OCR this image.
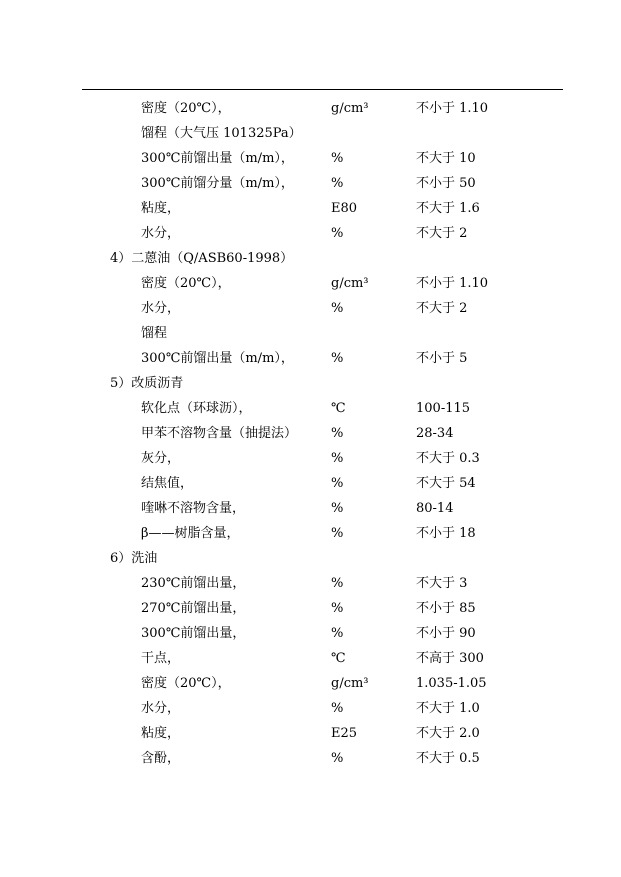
密度（20℃），	g/cm³	不小于 1.10
馏程（大气压 101325Pa）
300℃前馏出量（m/m），	%	不大于 10
300℃前馏分量（m/m），	%	不小于 50
粘度，	E80	不大于 1.6
水分，	%	不大于 2
4）二蒽油（Q/ASB60-1998）
密度（20℃），	g/cm³	不小于 1.10
水分，	%	不大于 2
馏程
300℃前馏出量（m/m），	%	不小于 5
5）改质沥青
软化点（环球沥），	℃	100-115
甲苯不溶物含量（抽提法）	%	28-34
灰分，	%	不大于 0.3
结焦值，	%	不大于 54
喹啉不溶物含量，	%	80-14
β——树脂含量，	%	不小于 18
6）洗油
230℃前馏出量，	%	不大于 3
270℃前馏出量，	%	不小于 85
300℃前馏出量，	%	不小于 90
干点，	℃	不高于 300
密度（20℃），	g/cm³	1.035-1.05
水分，	%	不大于 1.0
粘度，	E25	不大于 2.0
含酚，	%	不大于 0.5
